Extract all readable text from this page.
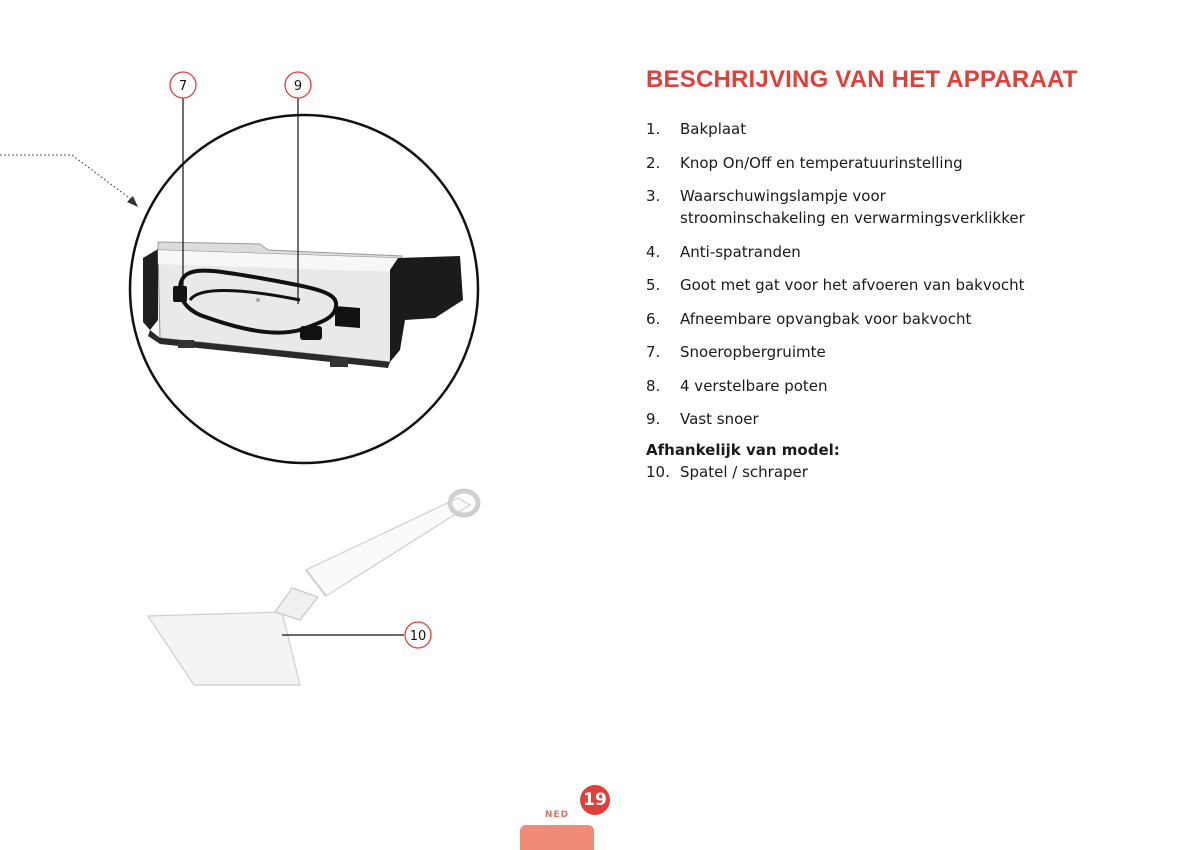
7	9
10
BESCHRIJVING VAN HET APPARAAT
1.	Bakplaat
2.	Knop On/Off en temperatuurinstelling
3.	Waarschuwingslampje voor stroominschakeling en verwarmingsverklikker
4.	Anti-spatranden
5.	Goot met gat voor het afvoeren van bakvocht
6.	Afneembare opvangbak voor bakvocht
7.	Snoeropbergruimte
8.	4 verstelbare poten
9.	Vast snoer
Afhankelijk van model:
10. Spatel / schraper
NED
19
